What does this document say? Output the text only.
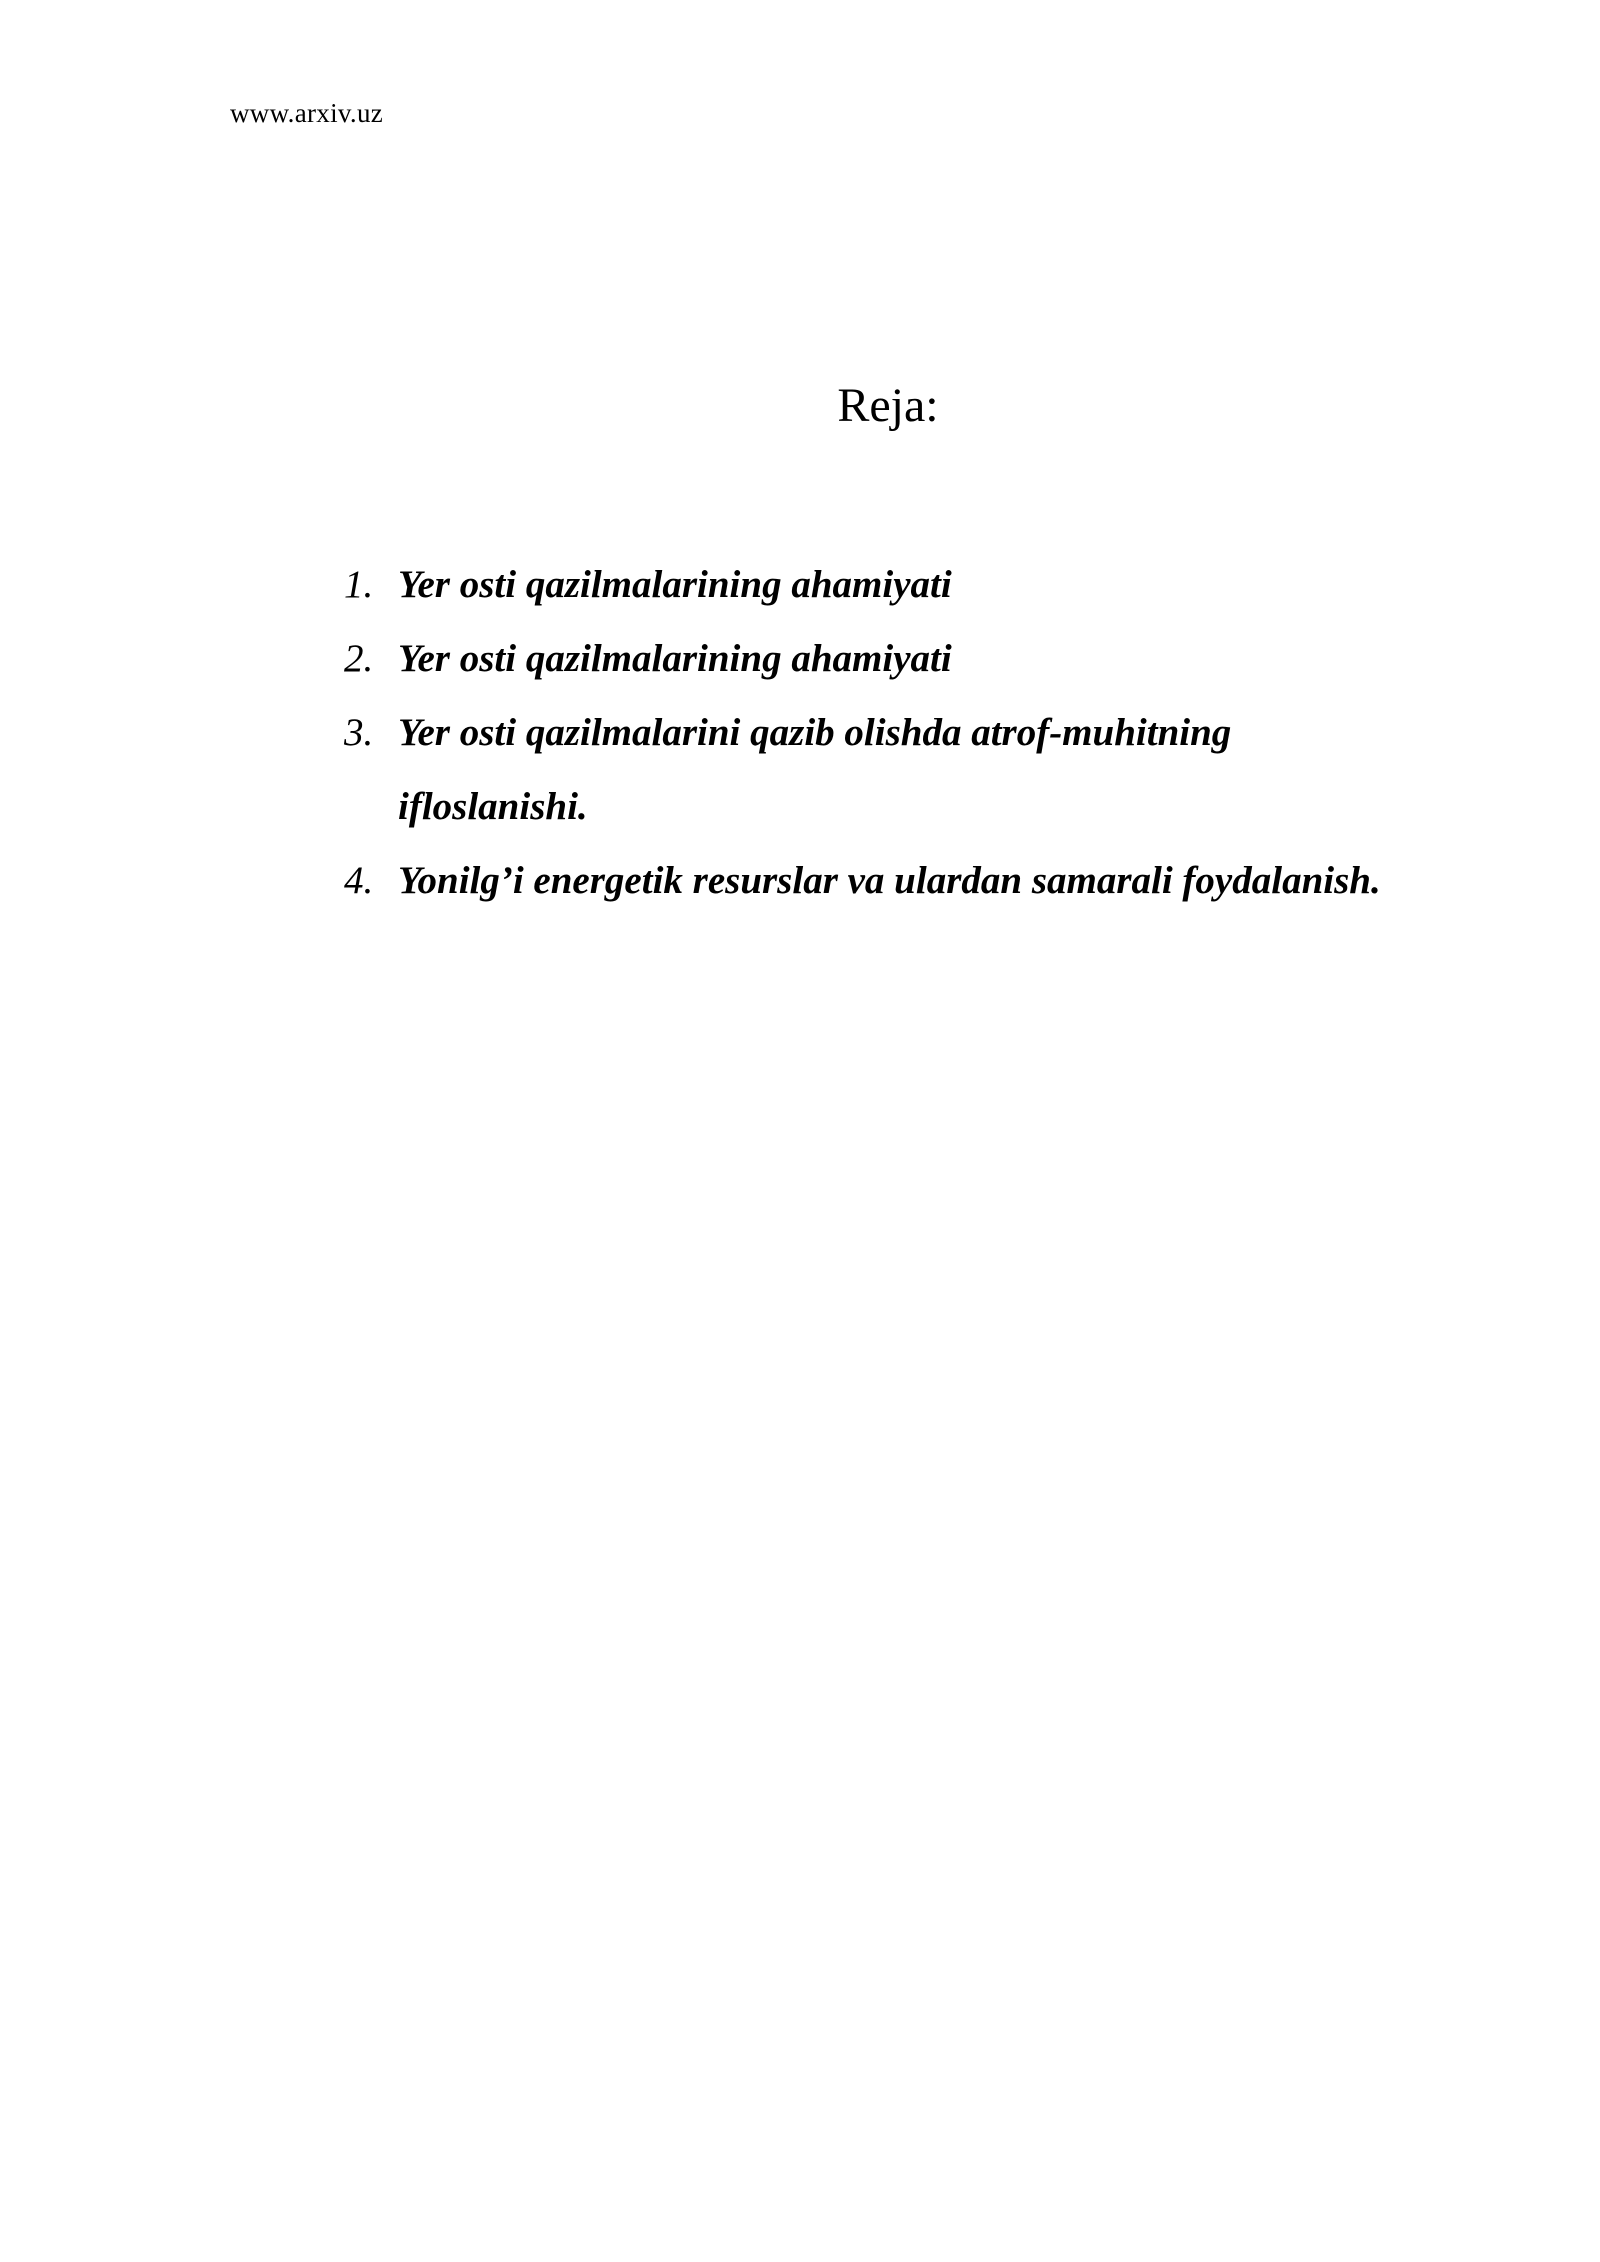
www.arxiv.uz
Reja:
1. Yer osti qazilmalarining ahamiyati
2. Yer osti qazilmalarining ahamiyati
3. Yer osti qazilmalarini qazib olishda atrof-muhitning ifloslanishi.
4. Yonilg’i energetik resurslar va ulardan samarali foydalanish.
